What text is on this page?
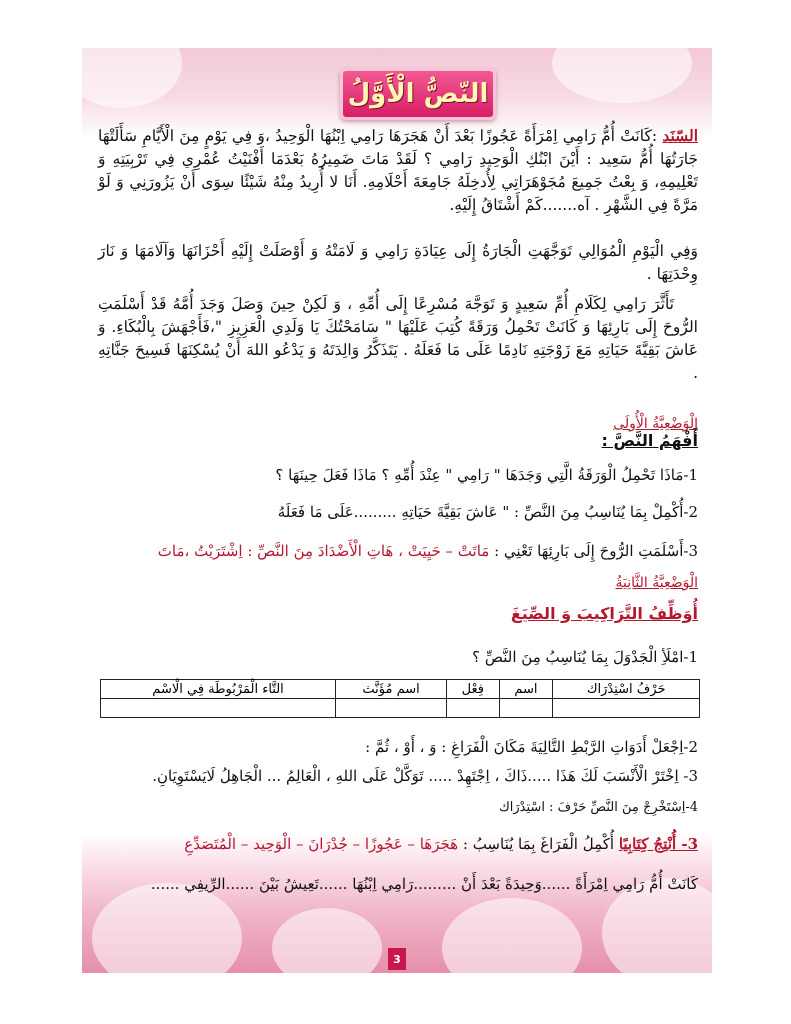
النّصُّ الْأَوَّلُ

السّنَد :كَانَتْ أُمُّ رَامِي اِمْرَأَةً عَجُوزًا بَعْدَ أَنْ هَجَرَهَا رَامِي اِبْنُهَا الْوَحِيدُ ،وَ فِي يَوْمٍ مِنَ الْأَيَّامِ سَأَلَتْهَا جَارَتُهَا أُمُّ سَعِيد : أَيْنَ ابْنُكِ الْوَحِيدِ رَامِي ؟ لَقَدْ مَاتَ ضَمِيرُهُ بَعْدَمَا أَفْنَيْتُ عُمْرِي فِي تَرْبِيَتِهِ وَ تَعْلِيمِهِ، وَ بِعْتُ جَمِيعَ مُجَوْهَرَاتِي لِأُدخِلَهُ جَامِعَةَ أَحْلَامِهِ. أَنَا لا أُرِيدُ مِنْهُ شَيْئًا سِوَى أَنْ يَزُورَنِي وَ لَوْ مَرَّةً فِي الشَّهْرِ . آه.......كَمْ أَشْتَاقُ إِلَيْهِ.

وَفِي الْيَوْمِ الْمُوَالِي تَوَجَّهَتِ الْجَارَةُ إِلَى عِيَادَةِ رَامِي وَ لَامَتْهُ وَ أَوْصَلَتْ إِلَيْهِ أَحْزَانَهَا وَآلَامَهَا وَ نَارَ وِحْدَتِهَا .

تَأَثَّرَ رَامِي لِكَلَامِ أُمِّ سَعِيدٍ وَ تَوَجَّهَ مُسْرِعًا إِلَى أُمِّهِ ، وَ لَكِنْ حِينَ وَصَلَ وَجَدَ أُمَّهُ قَدْ أَسْلَمَتِ الرُّوحَ إِلَى بَارِئِهَا وَ كَانَتْ تَحْمِلُ وَرَقَةً كُتِبَ عَلَيْهَا " سَامَحْتُكَ يَا وَلَدِي الْعَزِيزِ "،فَأَجْهَشَ بِالْبُكَاءِ. وَ عَاشَ بَقِيَّةَ حَيَاتِهِ مَعَ زَوْجَتِهِ نَادِمًا عَلَى مَا فَعَلَهُ . يَتَذَكَّرُ وَالِدَتَهُ وَ يَدْعُو اللهَ أَنْ يُسْكِنَهَا فَسِيحَ جَنَّاتِهِ .

الْوَضْعِيَّةُ الْأُولَى
أَفْهَمُ النَّصَّ :
1-مَاذَا تَحْمِلُ الْوَرَقَةُ الَّتِي وَجَدَهَا " رَامِي " عِنْدَ أُمِّهِ ؟ مَاذَا فَعَلَ حِينَهَا ؟
2-أُكْمِلْ بِمَا يُنَاسِبُ مِنَ النَّصِّ : " عَاشَ بَقِيَّةَ حَيَاتِهِ .........عَلَى مَا فَعَلَهُ
3-أَسْلَمَتِ الرُّوحَ إِلَى بَارِئِهَا تَعْنِي : مَاتَتْ – حَيِيَتْ ، هَاتِ الْأَضْدَادَ مِنَ النَّصِّ : اِشْتَرَيْتُ ،مَاتَ
الْوَضْعِيَّةُ الثَّانِيَةُ
أُوَظِّفُ التَّرَاكِيبَ وَ الصِّيَغَ
1-امْلَأِ الْجَدْوَلَ بِمَا يُنَاسِبُ مِنَ النَّصِّ ؟
حَرْفُ اسْتِدْرَاك	اسم	فِعْل	اسم مُؤَنَّث	التَّاء الْمَرْبُوطَة فِي الْاسْم

2-اِجْعَلْ أَدَوَاتِ الرَّبْطِ التَّالِيَةَ مَكَانَ الْفَرَاغِ : وَ ، أَوْ ، ثُمَّ :
3- اِخْتَرْ الْأَنْسَبَ لَكَ هَذَا .....ذَاكَ ، اِجْتَهِدْ ..... تَوَكَّلْ عَلَى اللهِ ، الْعَالِمُ ... الْجَاهِلُ لَايَسْتَوِيَانِ.
4-اِسْتَخْرِجْ مِنَ النَّصِّ حَرْفَ : اسْتِدْرَاك
3- أُنْتِجُ كِتَابِيًا أُكْمِلُ الْفَرَاغَ بِمَا يُنَاسِبُ : هَجَرَهَا – عَجُوزًا – جُدْرَانَ – الْوَحِيد – الْمُتَصَدِّعِ
كَانَتْ أُمُّ رَامِي اِمْرَأَةً ......وَحِيدَةً بَعْدَ أَنْ .........رَامِي اِبْنُهَا ......تَعِيشُ بَيْنَ ......الرِّيفِي ......
3
